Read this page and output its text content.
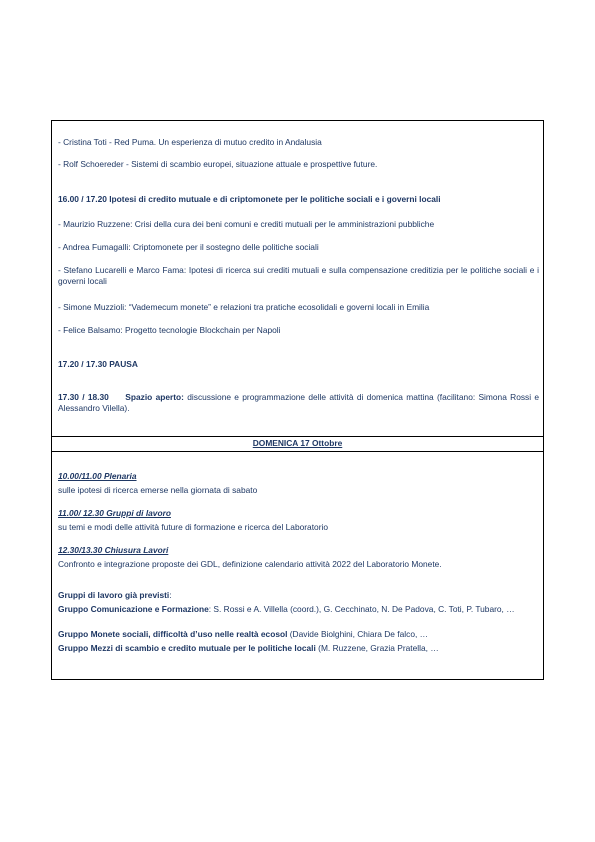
- Cristina Toti - Red Puma. Un esperienza di mutuo credito in Andalusia
- Rolf Schoereder - Sistemi di scambio europei, situazione attuale e prospettive future.
16.00 / 17.20 Ipotesi di credito mutuale e di criptomonete per le politiche sociali e i governi locali
- Maurizio Ruzzene: Crisi della cura dei beni comuni e crediti mutuali per le amministrazioni pubbliche
- Andrea Fumagalli: Criptomonete per il sostegno delle politiche sociali
- Stefano Lucarelli e Marco Fama: Ipotesi di ricerca sui crediti mutuali e sulla compensazione creditizia per le politiche sociali e i governi locali
- Simone Muzzioli: “Vademecum monete” e relazioni tra pratiche ecosolidali e governi locali in Emilia
- Felice Balsamo: Progetto tecnologie Blockchain per Napoli
17.20 / 17.30 PAUSA
17.30 / 18.30 Spazio aperto: discussione e programmazione delle attività di domenica mattina (facilitano: Simona Rossi e Alessandro Vilella).
DOMENICA 17 Ottobre
10.00/11.00 Plenaria
sulle ipotesi di ricerca emerse nella giornata di sabato
11.00/ 12.30 Gruppi di lavoro
su temi e modi delle attività future di formazione e ricerca del Laboratorio
12.30/13.30 Chiusura Lavori
Confronto e integrazione proposte dei GDL, definizione calendario attività 2022 del Laboratorio Monete.
Gruppi di lavoro già previsti:
Gruppo Comunicazione e Formazione: S. Rossi e A. Villella (coord.), G. Cecchinato, N. De Padova, C. Toti, P. Tubaro, …
Gruppo Monete sociali, difficoltà d’uso nelle realtà ecosol (Davide Biolghini, Chiara De falco, …
Gruppo Mezzi di scambio e credito mutuale per le politiche locali (M. Ruzzene, Grazia Pratella, …
